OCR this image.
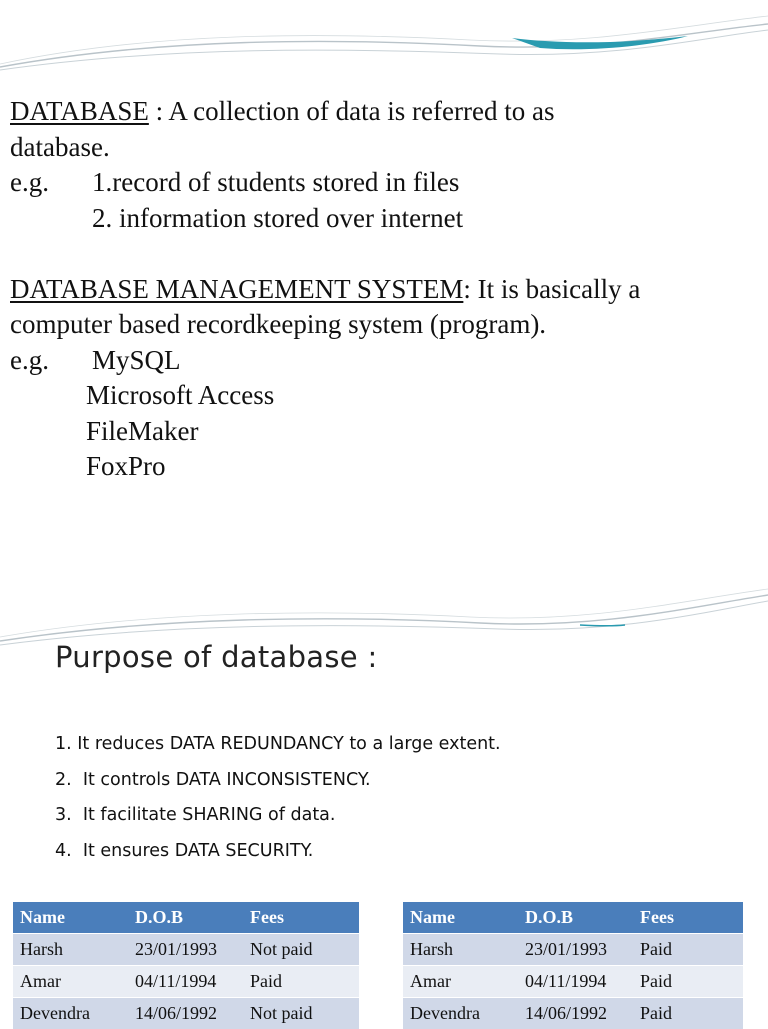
DATABASE : A collection of data is referred to as
database.
e.g. 1.record of students stored in files
2. information stored over internet
DATABASE MANAGEMENT SYSTEM: It is basically a
computer based recordkeeping system (program).
e.g. MySQL
Microsoft Access
FileMaker
FoxPro
Purpose of database :
1. It reduces DATA REDUNDANCY to a large extent.
2.  It controls DATA INCONSISTENCY.
3.  It facilitate SHARING of data.
4.  It ensures DATA SECURITY.
Name	D.O.B	Fees
Harsh	23/01/1993	Not paid
Amar	04/11/1994	Paid
Devendra	14/06/1992	Not paid
Name	D.O.B	Fees
Harsh	23/01/1993	Paid
Amar	04/11/1994	Paid
Devendra	14/06/1992	Paid
